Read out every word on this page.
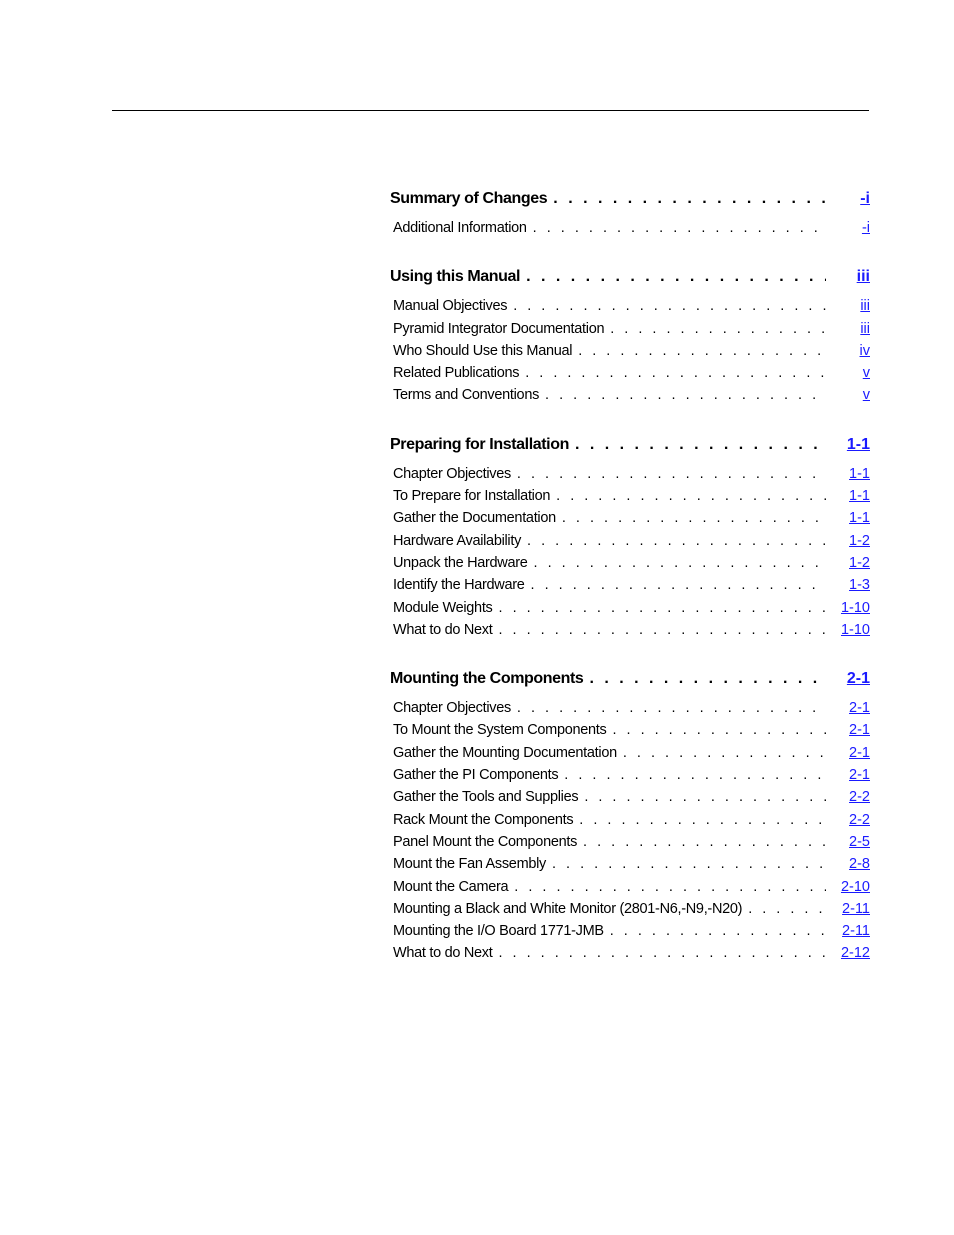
Summary of Changes . . .	-i
Additional Information . . .	-i
Using this Manual . . .	iii
Manual Objectives . . .	iii
Pyramid Integrator Documentation . . .	iii
Who Should Use this Manual . . .	iv
Related Publications . . .	v
Terms and Conventions . . .	v
Preparing for Installation . . .	1-1
Chapter Objectives . . .	1-1
To Prepare for Installation . . .	1-1
Gather the Documentation . . .	1-1
Hardware Availability . . .	1-2
Unpack the Hardware . . .	1-2
Identify the Hardware . . .	1-3
Module Weights . . .	1-10
What to do Next . . .	1-10
Mounting the Components . . .	2-1
Chapter Objectives . . .	2-1
To Mount the System Components . . .	2-1
Gather the Mounting Documentation . . .	2-1
Gather the PI Components . . .	2-1
Gather the Tools and Supplies . . .	2-2
Rack Mount the Components . . .	2-2
Panel Mount the Components . . .	2-5
Mount the Fan Assembly . . .	2-8
Mount the Camera . . .	2-10
Mounting a Black and White Monitor (2801-N6,-N9,-N20) . . .	2-11
Mounting the I/O Board 1771-JMB . . .	2-11
What to do Next . . .	2-12
